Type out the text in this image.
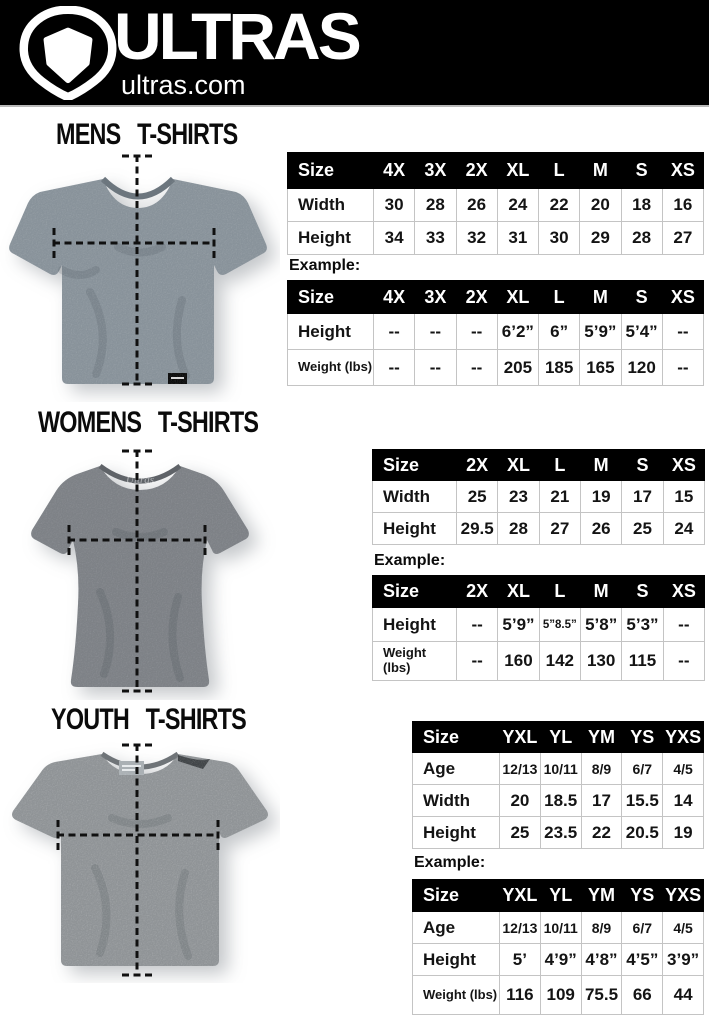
ULTRAS
ultras.com
MENS T-SHIRTS
WOMENS T-SHIRTS
YOUTH T-SHIRTS
Ultras
Size	4X	3X	2X	XL	L	M	S	XS
Width	30	28	26	24	22	20	18	16
Height	34	33	32	31	30	29	28	27
Example:
Size	4X	3X	2X	XL	L	M	S	XS
Height	--	--	--	6’2”	6”	5’9”	5’4”	--
Weight (lbs)	--	--	--	205	185	165	120	--
Size	2X	XL	L	M	S	XS
Width	25	23	21	19	17	15
Height	29.5	28	27	26	25	24
Example:
Size	2X	XL	L	M	S	XS
Height	--	5’9”	5”8.5”	5’8”	5’3”	--
Weight (lbs)	--	160	142	130	115	--
Size	YXL	YL	YM	YS	YXS
Age	12/13	10/11	8/9	6/7	4/5
Width	20	18.5	17	15.5	14
Height	25	23.5	22	20.5	19
Example:
Size	YXL	YL	YM	YS	YXS
Age	12/13	10/11	8/9	6/7	4/5
Height	5’	4’9”	4’8”	4’5”	3’9”
Weight (lbs)	116	109	75.5	66	44
